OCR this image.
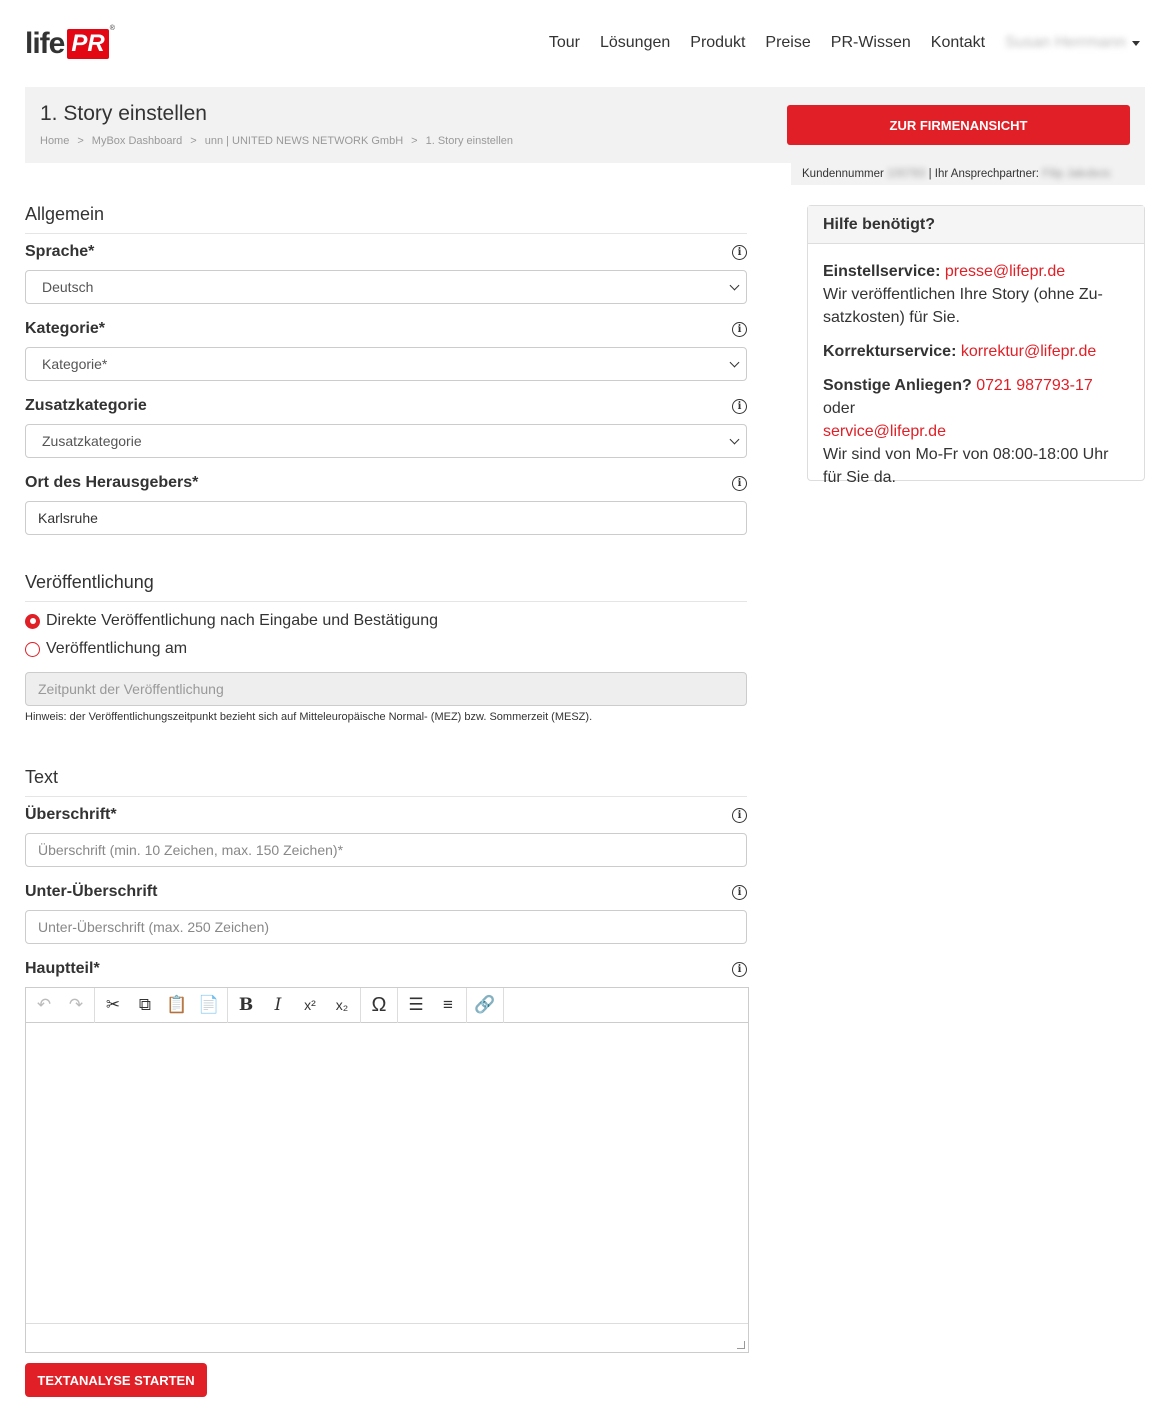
life PR
®
Tour Lösungen Produkt Preise PR-Wissen Kontakt Susan Herrmann
1. Story einstellen
Home > MyBox Dashboard > unn | UNITED NEWS NETWORK GmbH > 1. Story einstellen
ZUR FIRMENANSICHT
Kundennummer
100783
| Ihr Ansprechpartner:
Filip Jakobcic
Allgemein
Sprache*	i
Deutsch
Kategorie*	i
Kategorie*
Zusatzkategorie	i
Zusatzkategorie
Ort des Herausgebers*	i
Karlsruhe
Veröffentlichung
Direkte Veröffentlichung nach Eingabe und Bestätigung
Veröffentlichung am
Zeitpunkt der Veröffentlichung
Hinweis: der Veröffentlichungszeitpunkt bezieht sich auf Mitteleuropäische Normal- (MEZ) bzw. Sommerzeit (MESZ).
Text
Überschrift*	i
Überschrift (min. 10 Zeichen, max. 150 Zeichen)*
Unter-Überschrift	i
Unter-Überschrift (max. 250 Zeichen)
Hauptteil*	i
↶	↷	✂	⧉ 📋 📄	B	I	x²	x₂	Ω	☰	≡	🔗
TEXTANALYSE STARTEN
Hilfe benötigt?

Einstellservice: presse@lifepr.de
Wir veröffentlichen Ihre Story (ohne Zu-satzkosten) für Sie.

Korrekturservice: korrektur@lifepr.de

Sonstige Anliegen? 0721 987793-17 oder
service@lifepr.de
Wir sind von Mo-Fr von 08:00-18:00 Uhr für Sie da.
